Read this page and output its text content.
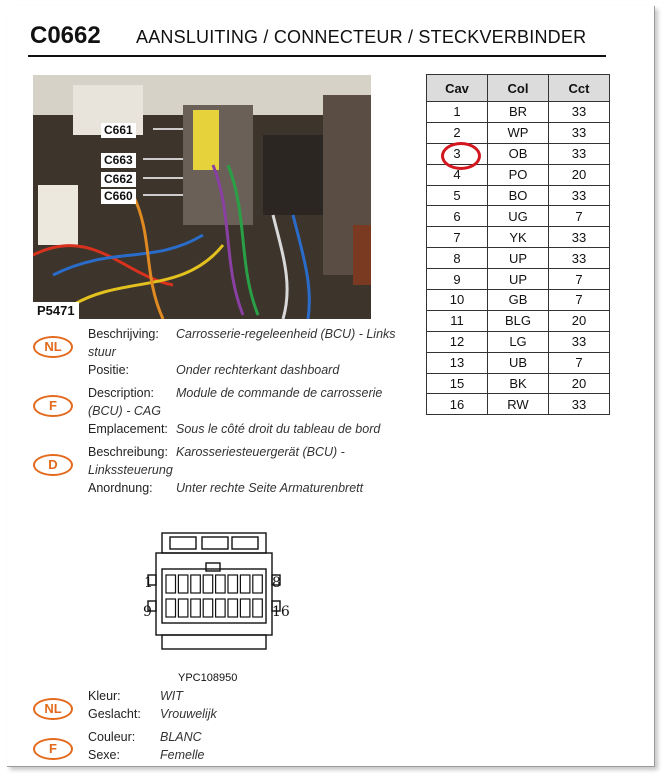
C0662 AANSLUITING / CONNECTEUR / STECKVERBINDER
C661
C663
C662
C660
P5471
NL
Beschrijving: Carrosserie-regeleenheid (BCU) - Links
stuur
Positie:	Onder rechterkant dashboard
F
Description: Module de commande de carrosserie
(BCU) - CAG
Emplacement: Sous le côté droit du tableau de bord
D
Beschreibung: Karosseriesteuergerät (BCU) -
Linkssteuerung
Anordnung: Unter rechte Seite Armaturenbrett
1	8
9	16
YPC108950
NL
Kleur:	WIT
Geslacht: Vrouwelijk
F
Couleur: BLANC
Sexe:	Femelle
Cav	Col	Cct
1	BR	33
2	WP	33
3	OB	33
4	PO	20
5	BO	33
6	UG	7
7	YK	33
8	UP	33
9	UP	7
10	GB	7
11	BLG	20
12	LG	33
13	UB	7
15	BK	20
16	RW	33
